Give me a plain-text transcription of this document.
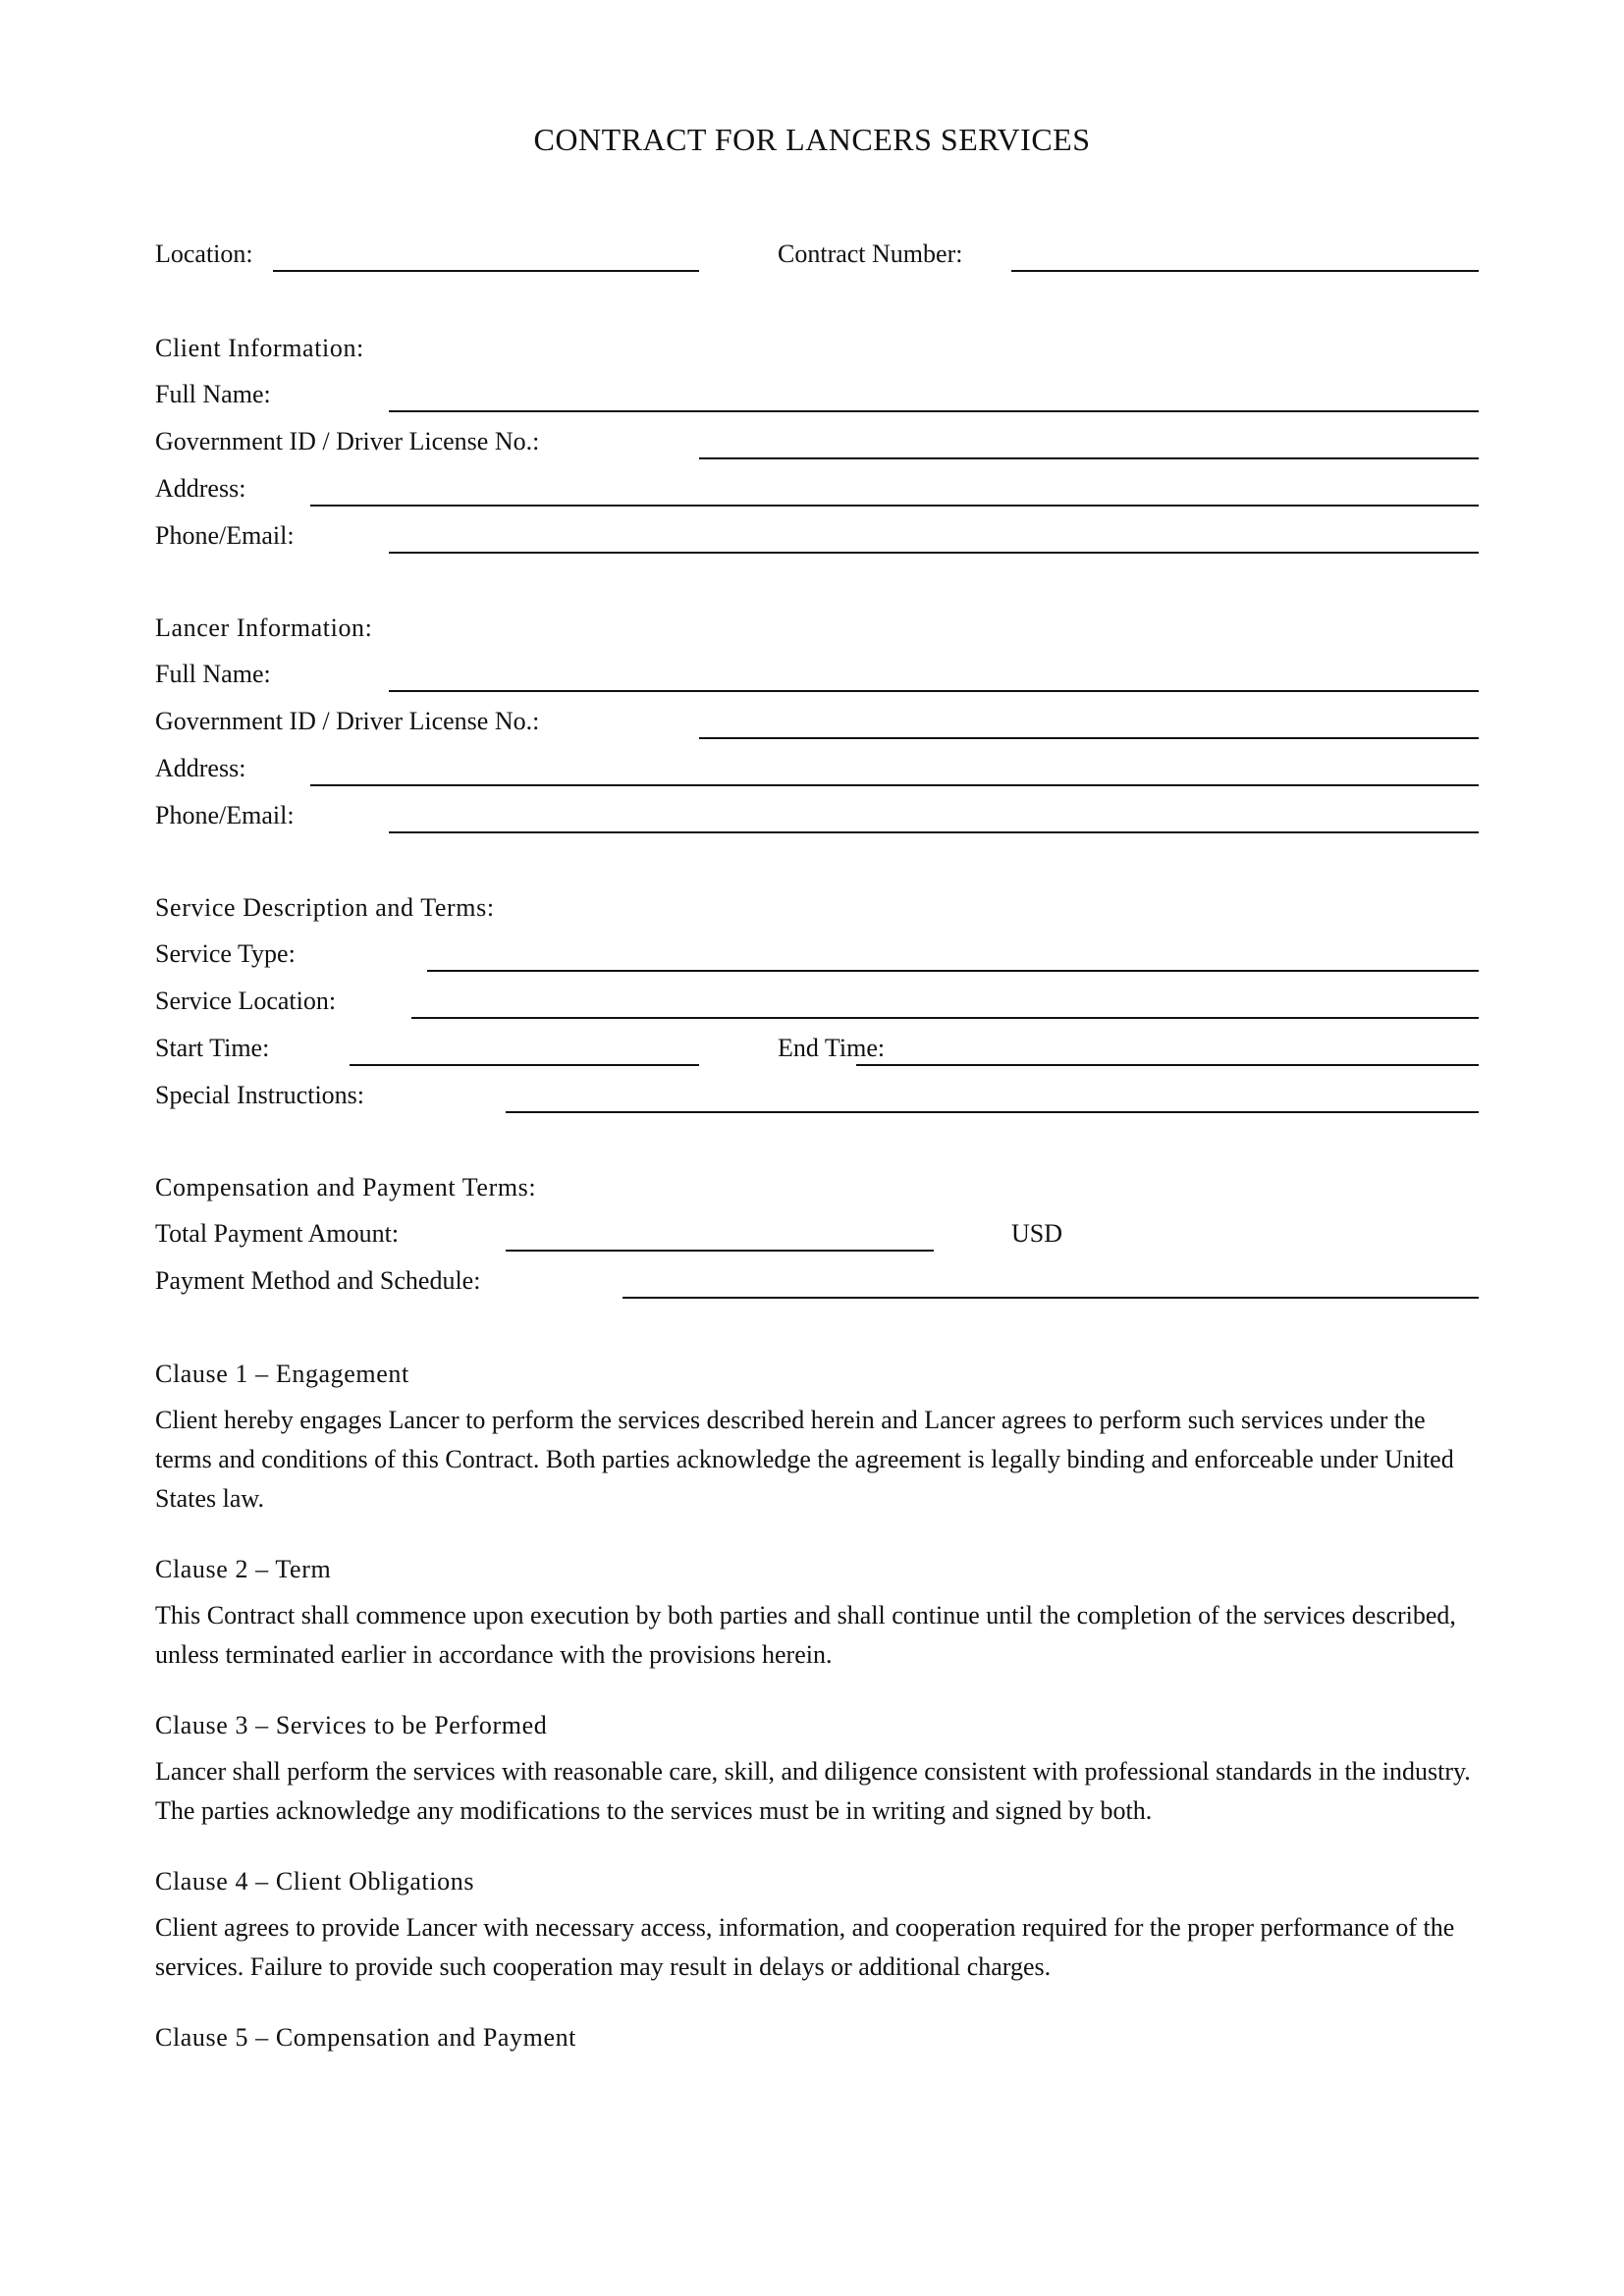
CONTRACT FOR LANCERS SERVICES
Location:	Contract Number:
Client Information:
Full Name:
Government ID / Driver License No.:
Address:
Phone/Email:
Lancer Information:
Full Name:
Government ID / Driver License No.:
Address:
Phone/Email:
Service Description and Terms:
Service Type:
Service Location:
Start Time:	End Time:
Special Instructions:
Compensation and Payment Terms:
Total Payment Amount:	USD
Payment Method and Schedule:
Clause 1 – Engagement
Client hereby engages Lancer to perform the services described herein and Lancer agrees to perform such services under the terms and conditions of this Contract. Both parties acknowledge the agreement is legally binding and enforceable under United States law.
Clause 2 – Term
This Contract shall commence upon execution by both parties and shall continue until the completion of the services described, unless terminated earlier in accordance with the provisions herein.
Clause 3 – Services to be Performed
Lancer shall perform the services with reasonable care, skill, and diligence consistent with professional standards in the industry. The parties acknowledge any modifications to the services must be in writing and signed by both.
Clause 4 – Client Obligations
Client agrees to provide Lancer with necessary access, information, and cooperation required for the proper performance of the services. Failure to provide such cooperation may result in delays or additional charges.
Clause 5 – Compensation and Payment
